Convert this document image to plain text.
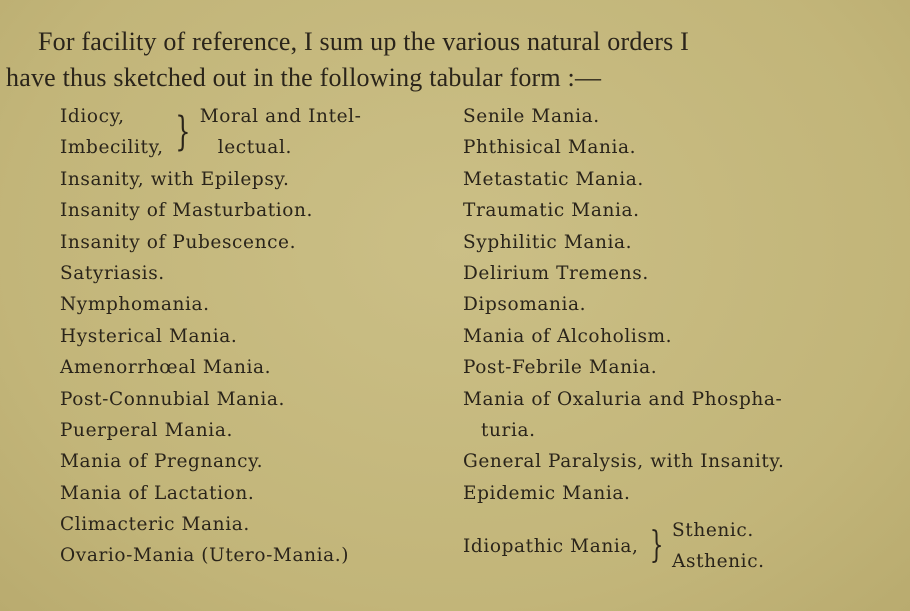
For facility of reference, I sum up the various natural orders I
have thus sketched out in the following tabular form :—
Idiocy,
Imbecility, } Moral and Intel-
lectual.
Insanity, with Epilepsy.
Insanity of Masturbation.
Insanity of Pubescence.
Satyriasis.
Nymphomania.
Hysterical Mania.
Amenorrhœal Mania.
Post-Connubial Mania.
Puerperal Mania.
Mania of Pregnancy.
Mania of Lactation.
Climacteric Mania.
Ovario-Mania (Utero-Mania.)
Senile Mania.
Phthisical Mania.
Metastatic Mania.
Traumatic Mania.
Syphilitic Mania.
Delirium Tremens.
Dipsomania.
Mania of Alcoholism.
Post-Febrile Mania.
Mania of Oxaluria and Phospha-
turia.
General Paralysis, with Insanity.
Epidemic Mania.
Idiopathic Mania, } Sthenic.
Asthenic.
